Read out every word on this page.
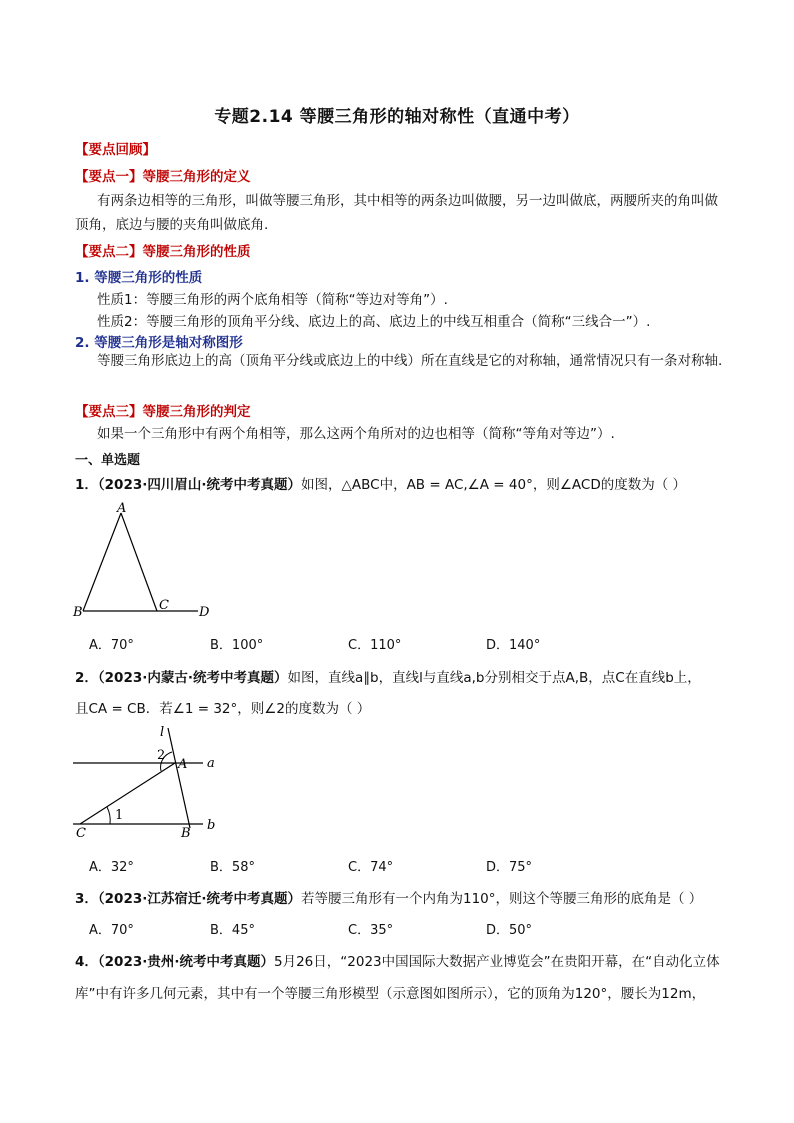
专题2.14 等腰三角形的轴对称性（直通中考）
【要点回顾】
【要点一】等腰三角形的定义
有两条边相等的三角形，叫做等腰三角形，其中相等的两条边叫做腰，另一边叫做底，两腰所夹的角叫做顶角，底边与腰的夹角叫做底角.
【要点二】等腰三角形的性质
1. 等腰三角形的性质
性质1：等腰三角形的两个底角相等（简称“等边对等角”）.
性质2：等腰三角形的顶角平分线、底边上的高、底边上的中线互相重合（简称“三线合一”）.
2. 等腰三角形是轴对称图形
等腰三角形底边上的高（顶角平分线或底边上的中线）所在直线是它的对称轴，通常情况只有一条对称轴.
【要点三】等腰三角形的判定
如果一个三角形中有两个角相等，那么这两个角所对的边也相等（简称“等角对等边”）.
一、单选题
1．（2023·四川眉山·统考中考真题）如图，△ABC中，AB = AC,∠A = 40°，则∠ACD的度数为（ ）
A
B	C D
A．70°	B．100°	C．110°	D．140°
2．（2023·内蒙古·统考中考真题）如图，直线a∥b，直线l与直线a,b分别相交于点A,B，点C在直线b上，
且CA = CB．若∠1 = 32°，则∠2的度数为（ ）
l
2
A a
1
C	B
b
A．32°	B．58°	C．74°	D．75°
3．（2023·江苏宿迁·统考中考真题）若等腰三角形有一个内角为110°，则这个等腰三角形的底角是（ ）
A．70°	B．45°	C．35°	D．50°
4．（2023·贵州·统考中考真题）5月26日，“2023中国国际大数据产业博览会”在贵阳开幕，在“自动化立体
库”中有许多几何元素，其中有一个等腰三角形模型（示意图如图所示），它的顶角为120°，腰长为12m，
